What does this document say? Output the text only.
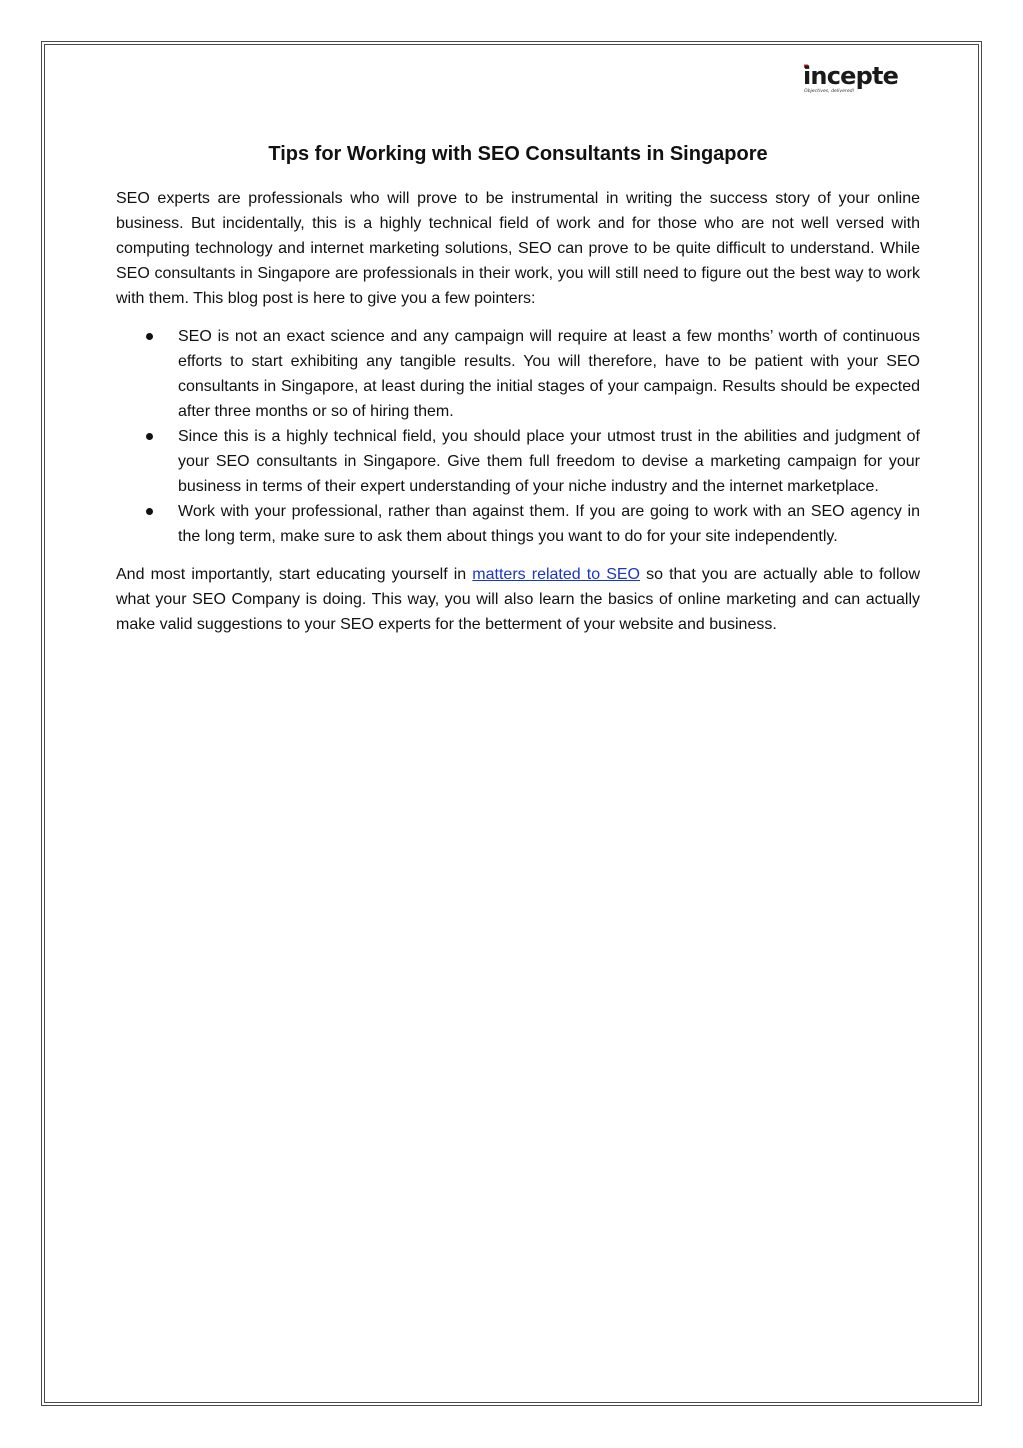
incepte
Objectives, delivered!
Tips for Working with SEO Consultants in Singapore

SEO experts are professionals who will prove to be instrumental in writing the success story of your online business. But incidentally, this is a highly technical field of work and for those who are not well versed with computing technology and internet marketing solutions, SEO can prove to be quite difficult to understand. While SEO consultants in Singapore are professionals in their work, you will still need to figure out the best way to work with them. This blog post is here to give you a few pointers:

SEO is not an exact science and any campaign will require at least a few months’ worth of continuous efforts to start exhibiting any tangible results. You will therefore, have to be patient with your SEO consultants in Singapore, at least during the initial stages of your campaign. Results should be expected after three months or so of hiring them.
Since this is a highly technical field, you should place your utmost trust in the abilities and judgment of your SEO consultants in Singapore. Give them full freedom to devise a marketing campaign for your business in terms of their expert understanding of your niche industry and the internet marketplace.
Work with your professional, rather than against them. If you are going to work with an SEO agency in the long term, make sure to ask them about things you want to do for your site independently.

And most importantly, start educating yourself in matters related to SEO so that you are actually able to follow what your SEO Company is doing. This way, you will also learn the basics of online marketing and can actually make valid suggestions to your SEO experts for the betterment of your website and business.
